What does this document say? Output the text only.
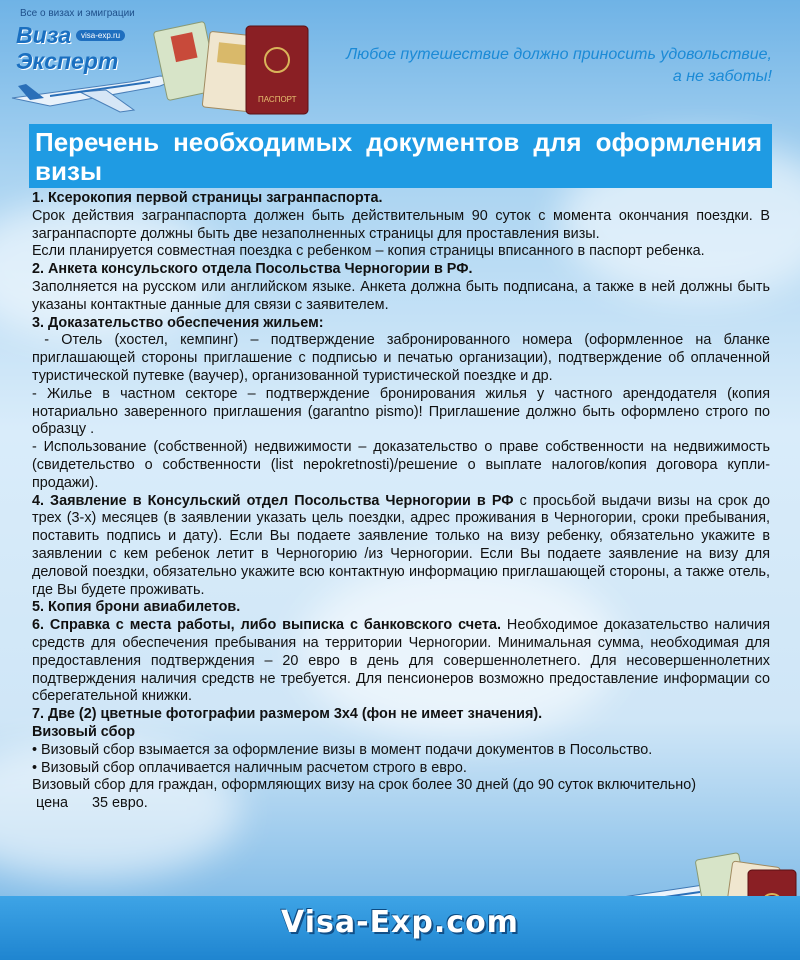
Все о визах и эмиграции
Виза	visa-exp.ru
Эксперт
ПАСПОРТ
Любое путешествие должно приносить удовольствие,
а не заботы!
Перечень необходимых документов для оформления визы

1. Ксерокопия первой страницы загранпаспорта.

Срок действия загранпаспорта должен быть действительным 90 суток с момента окончания поездки. В загранпаспорте должны быть две незаполненных страницы для проставления визы.

Если планируется совместная поездка с ребенком – копия страницы вписанного в паспорт ребенка.

2. Анкета консульского отдела Посольства Черногории в РФ.

Заполняется на русском или английском языке. Анкета должна быть подписана, а также в ней должны быть указаны контактные данные для связи с заявителем.

3. Доказательство обеспечения жильем:

- Отель (хостел, кемпинг) – подтверждение забронированного номера (оформленное на бланке приглашающей стороны приглашение с подписью и печатью организации), подтверждение об оплаченной туристической путевке (ваучер), организованной туристической поездке и др.

- Жилье в частном секторе – подтверждение бронирования жилья у частного арендодателя (копия нотариально заверенного приглашения (garantno pismo)! Приглашение должно быть оформлено строго по образцу .

- Использование (собственной) недвижимости – доказательство о праве собственности на недвижимость (свидетельство о собственности (list nepokretnosti)/решение о выплате налогов/копия договора купли-продажи).

4. Заявление в Консульский отдел Посольства Черногории в РФ с просьбой выдачи визы на срок до трех (3-х) месяцев (в заявлении указать цель поездки, адрес проживания в Черногории, сроки пребывания, поставить подпись и дату). Если Вы подаете заявление только на визу ребенку, обязательно укажите в заявлении с кем ребенок летит в Черногорию /из Черногории. Если Вы подаете заявление на визу для деловой поездки, обязательно укажите всю контактную информацию приглашающей стороны, а также отель, где Вы будете проживать.

5. Копия брони авиабилетов.

6. Справка с места работы, либо выписка с банковского счета. Необходимое доказательство наличия средств для обеспечения пребывания на территории Черногории. Минимальная сумма, необходимая для предоставления подтверждения – 20 евро в день для совершеннолетнего. Для несовершеннолетних подтверждения наличия средств не требуется. Для пенсионеров возможно предоставление информации со сберегательной книжки.

7. Две (2) цветные фотографии размером 3х4 (фон не имеет значения).

Визовый сбор

• Визовый сбор взымается за оформление визы в момент подачи документов в Посольство.

• Визовый сбор оплачивается наличным расчетом строго в евро.

Визовый сбор для граждан, оформляющих визу на срок более 30 дней (до 90 суток включительно)

цена 35 евро.

Visa-Exp.com
